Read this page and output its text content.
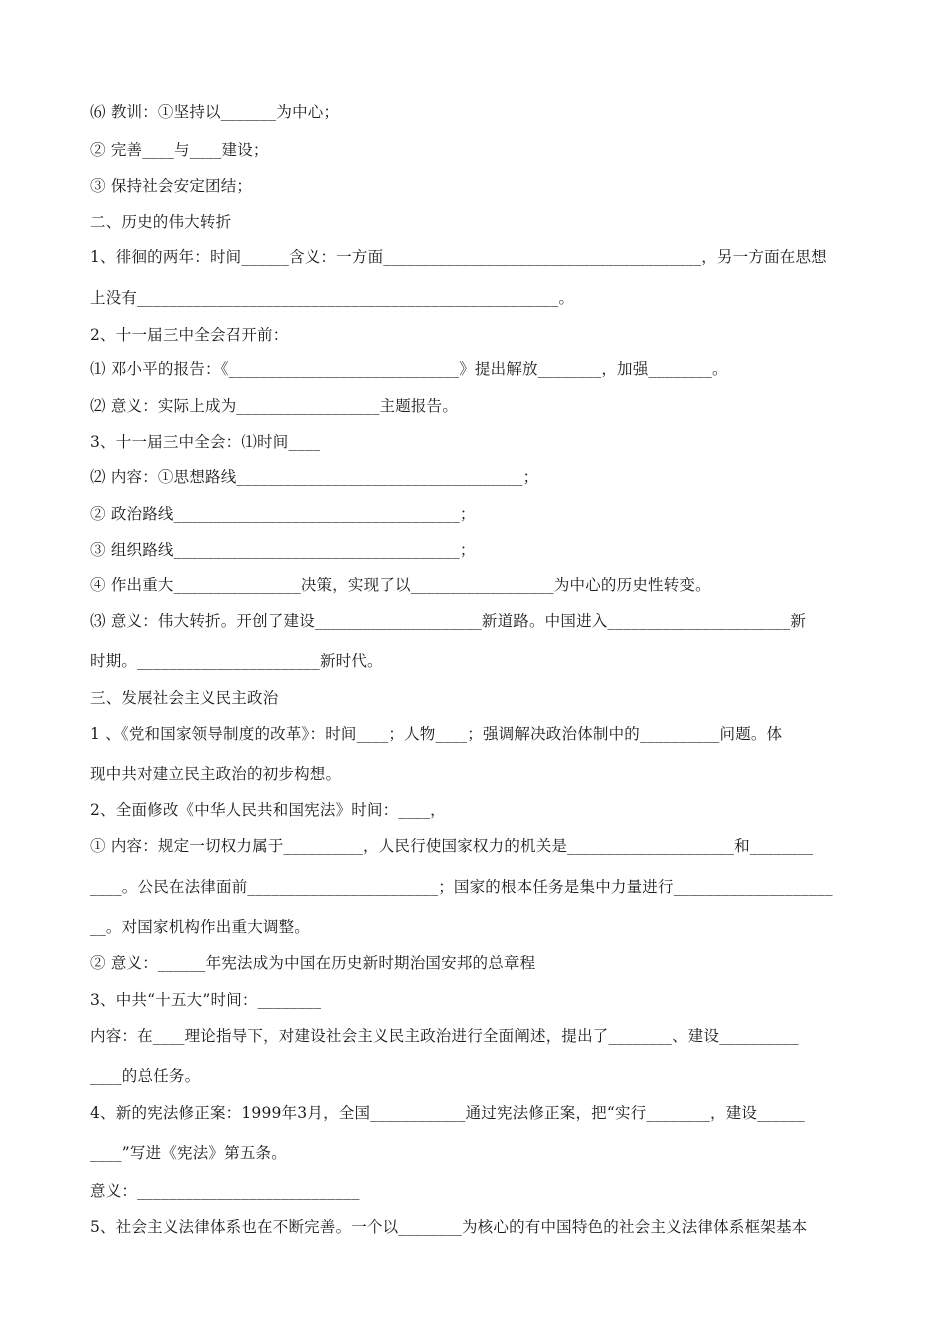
⑹ 教训：①坚持以_______为中心；
② 完善____与____建设；
③ 保持社会安定团结；
二、历史的伟大转折
1、徘徊的两年：时间______含义：一方面________________________________________，另一方面在思想
上没有_____________________________________________________。
2、十一届三中全会召开前：
⑴ 邓小平的报告：《_____________________________》提出解放________，加强________。
⑵ 意义：实际上成为__________________主题报告。
3、十一届三中全会：⑴时间____
⑵ 内容：①思想路线____________________________________；
② 政治路线____________________________________；
③ 组织路线____________________________________；
④ 作出重大________________决策，实现了以__________________为中心的历史性转变。
⑶ 意义：伟大转折。开创了建设_____________________新道路。中国进入_______________________新
时期。_______________________新时代。
三、发展社会主义民主政治
1 、《党和国家领导制度的改革》：时间____；人物____；强调解决政治体制中的__________问题。体
现中共对建立民主政治的初步构想。
2、全面修改《中华人民共和国宪法》时间：____，
① 内容：规定一切权力属于__________，人民行使国家权力的机关是_____________________和________
____。公民在法律面前________________________；国家的根本任务是集中力量进行____________________
__。对国家机构作出重大调整。
② 意义：______年宪法成为中国在历史新时期治国安邦的总章程
3、中共“十五大”时间：________
内容：在____理论指导下，对建设社会主义民主政治进行全面阐述，提出了________、建设__________
____的总任务。
4、新的宪法修正案：1999年3月，全国____________通过宪法修正案，把“实行________，建设______
____”写进《宪法》第五条。
意义：____________________________
5、社会主义法律体系也在不断完善。一个以________为核心的有中国特色的社会主义法律体系框架基本
